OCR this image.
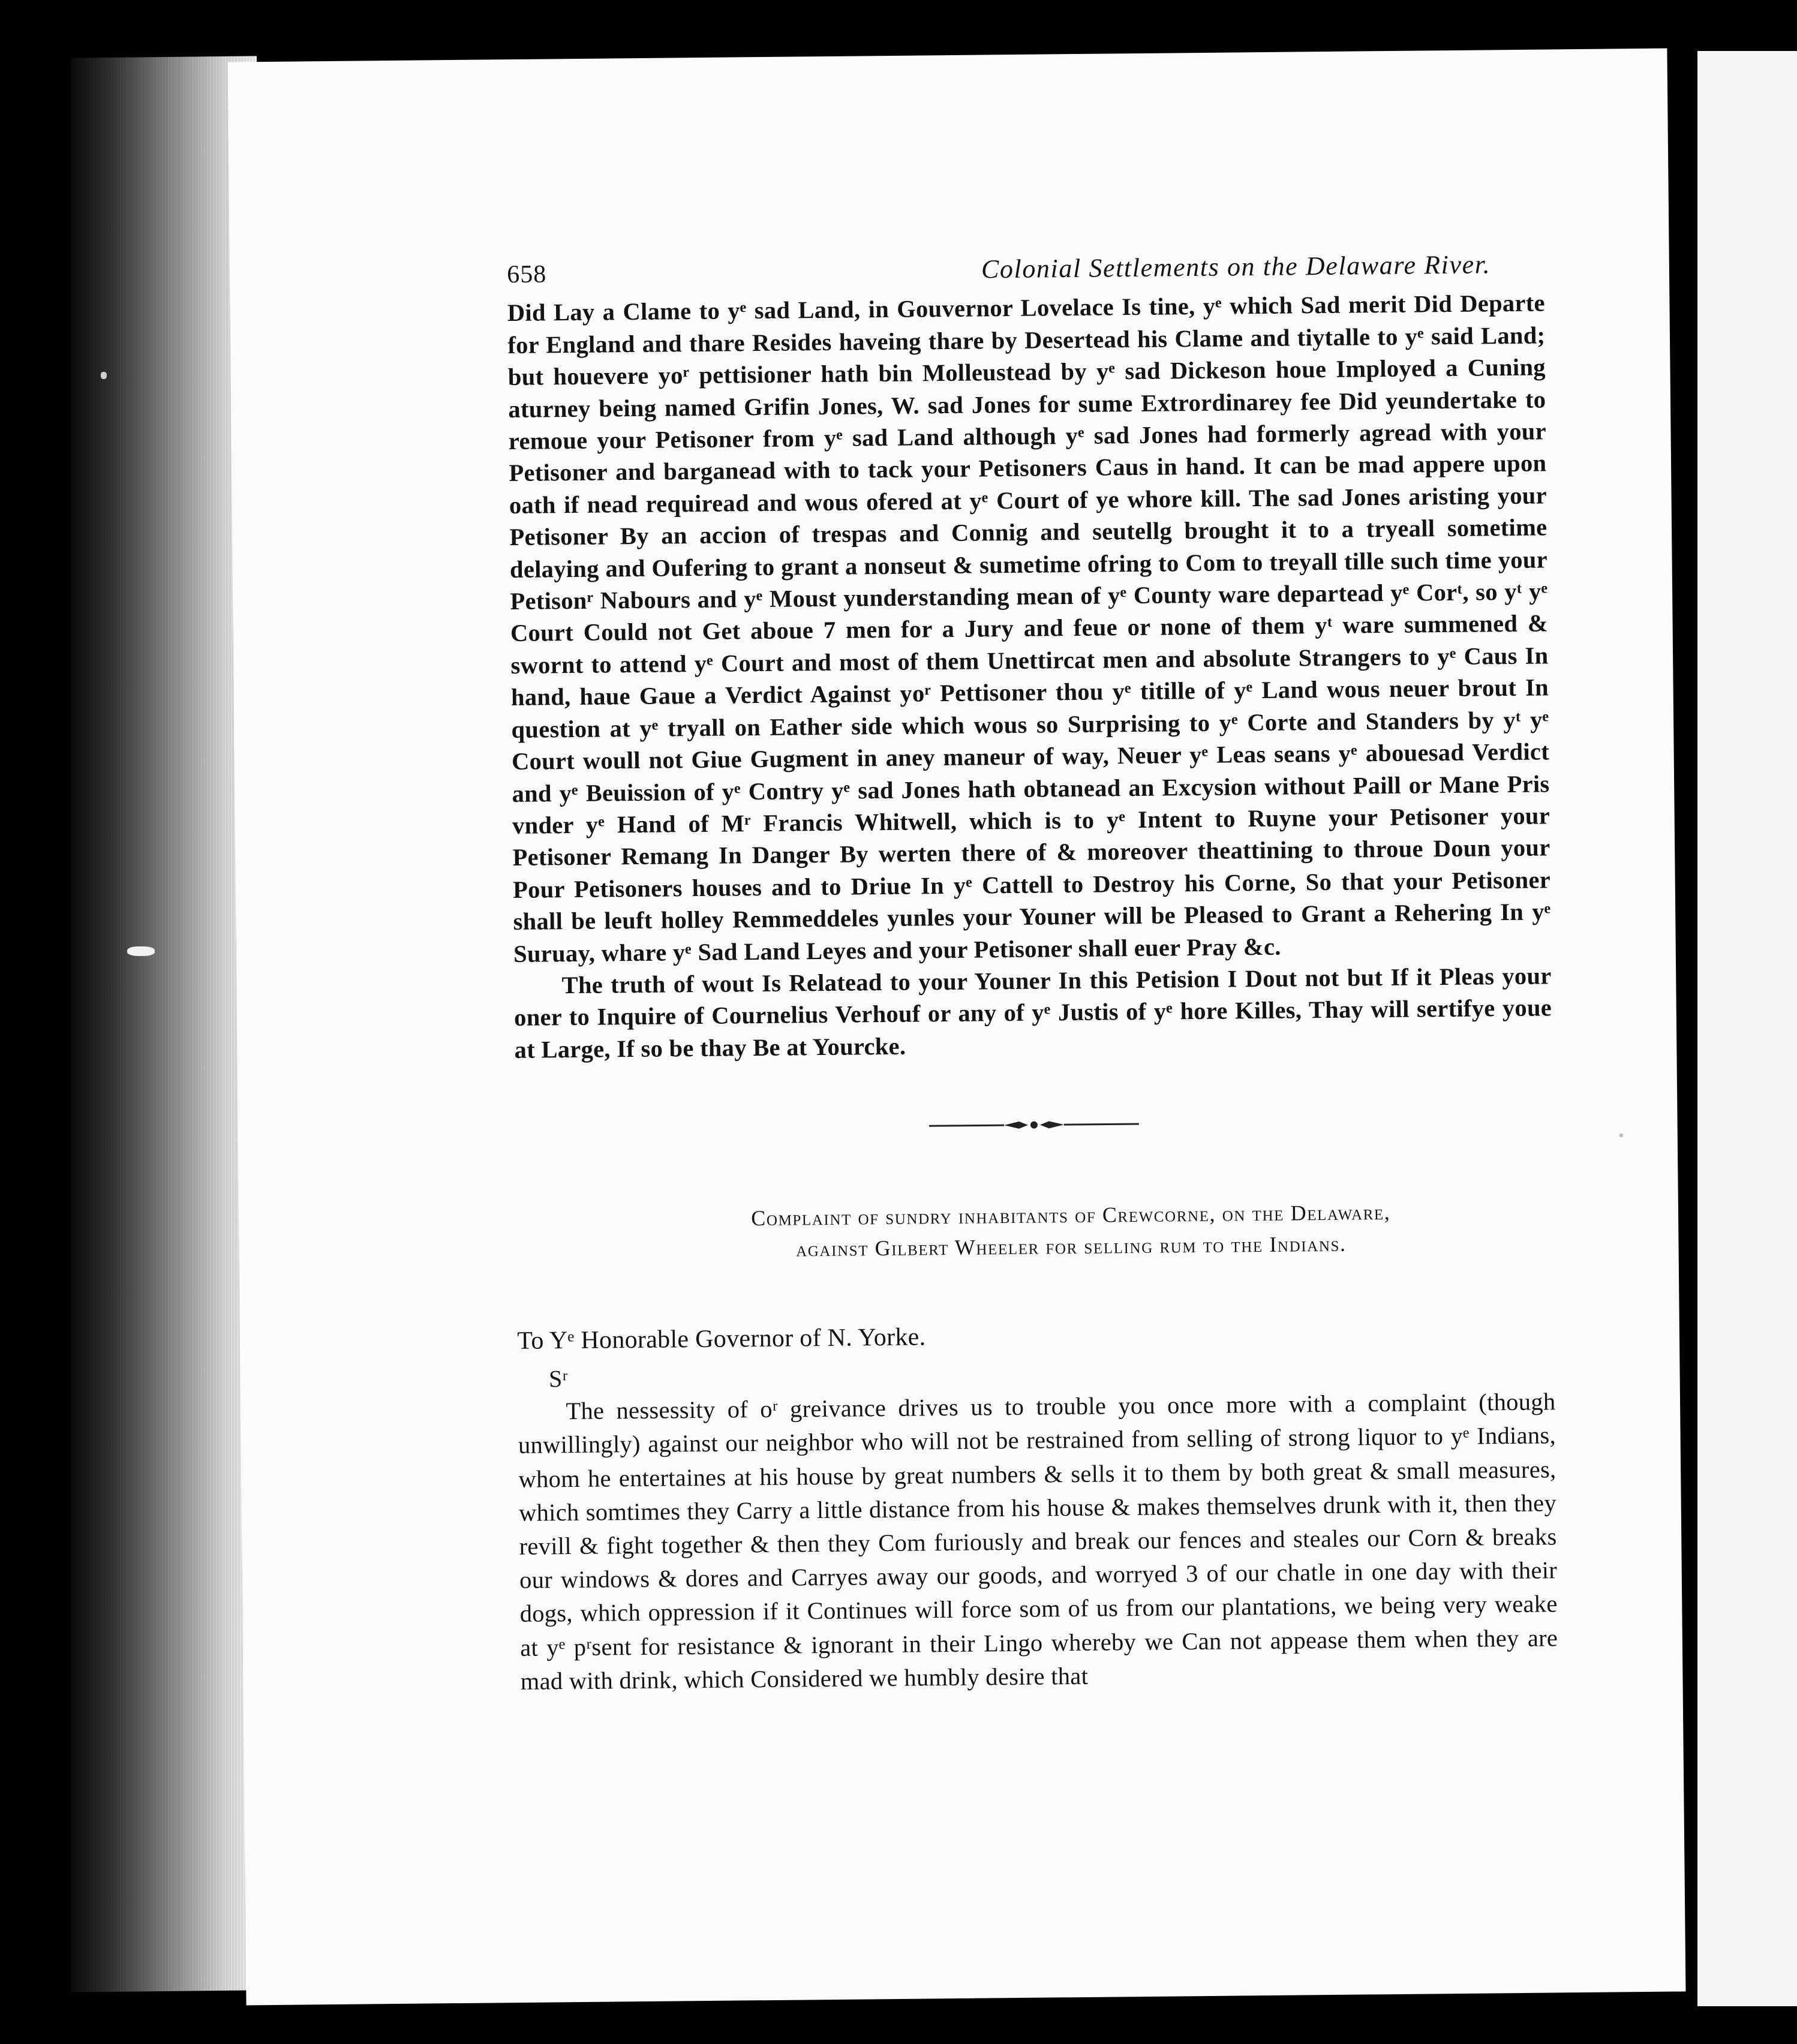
658	Colonial Settlements on the Delaware River.

Did Lay a Clame to yᵉ sad Land, in Gouvernor Lovelace Is tine, yᵉ which Sad merit Did Departe for England and thare Resides haveing thare by Desertead his Clame and tiytalle to yᵉ said Land; but houevere yoʳ pettisioner hath bin Molleustead by yᵉ sad Dickeson houe Imployed a Cuning aturney being named Grifin Jones, W. sad Jones for sume Extrordinarey fee Did yeundertake to remoue your Petisoner from yᵉ sad Land although yᵉ sad Jones had formerly agread with your Petisoner and barganead with to tack your Petisoners Caus in hand. It can be mad appere upon oath if nead requiread and wous ofered at yᵉ Court of ye whore kill. The sad Jones aristing your Petisoner By an accion of trespas and Connig and seutellg brought it to a tryeall sometime delaying and Oufering to grant a nonseut & sumetime ofring to Com to treyall tille such time your Petisonʳ Nabours and yᵉ Moust yunderstanding mean of yᵉ County ware departead yᵉ Corᵗ, so yᵗ yᵉ Court Could not Get aboue 7 men for a Jury and feue or none of them yᵗ ware summened & swornt to attend yᵉ Court and most of them Unettircat men and absolute Strangers to yᵉ Caus In hand, haue Gaue a Verdict Against yoʳ Pettisoner thou yᵉ titille of yᵉ Land wous neuer brout In question at yᵉ tryall on Eather side which wous so Surprising to yᵉ Corte and Standers by yᵗ yᵉ Court woull not Giue Gugment in aney maneur of way, Neuer yᵉ Leas seans yᵉ abouesad Verdict and yᵉ Beuission of yᵉ Contry yᵉ sad Jones hath obtanead an Excysion without Paill or Mane Pris vnder yᵉ Hand of Mʳ Francis Whitwell, which is to yᵉ Intent to Ruyne your Petisoner your Petisoner Remang In Danger By werten there of & moreover theattining to throue Doun your Pour Petisoners houses and to Driue In yᵉ Cattell to Destroy his Corne, So that your Petisoner shall be leuft holley Remmeddeles yunles your Youner will be Pleased to Grant a Rehering In yᵉ Suruay, whare yᵉ Sad Land Leyes and your Petisoner shall euer Pray &c.

The truth of wout Is Relatead to your Youner In this Petision I Dout not but If it Pleas your oner to Inquire of Cournelius Verhouf or any of yᵉ Justis of yᵉ hore Killes, Thay will sertifye youe at Large, If so be thay Be at Yourcke.

Complaint of sundry inhabitants of Crewcorne, on the Delaware,

against Gilbert Wheeler for selling rum to the Indians.

To Yᵉ Honorable Governor of N. Yorke.

Sʳ

The nessessity of oʳ greivance drives us to trouble you once more with a complaint (though unwillingly) against our neighbor who will not be restrained from selling of strong liquor to yᵉ Indians, whom he entertaines at his house by great numbers & sells it to them by both great & small measures, which somtimes they Carry a little distance from his house & makes themselves drunk with it, then they revill & fight together & then they Com furiously and break our fences and steales our Corn & breaks our windows & dores and Carryes away our goods, and worryed 3 of our chatle in one day with their dogs, which oppression if it Continues will force som of us from our plantations, we being very weake at yᵉ pʳsent for resistance & ignorant in their Lingo whereby we Can not appease them when they are mad with drink, which Considered we humbly desire that
